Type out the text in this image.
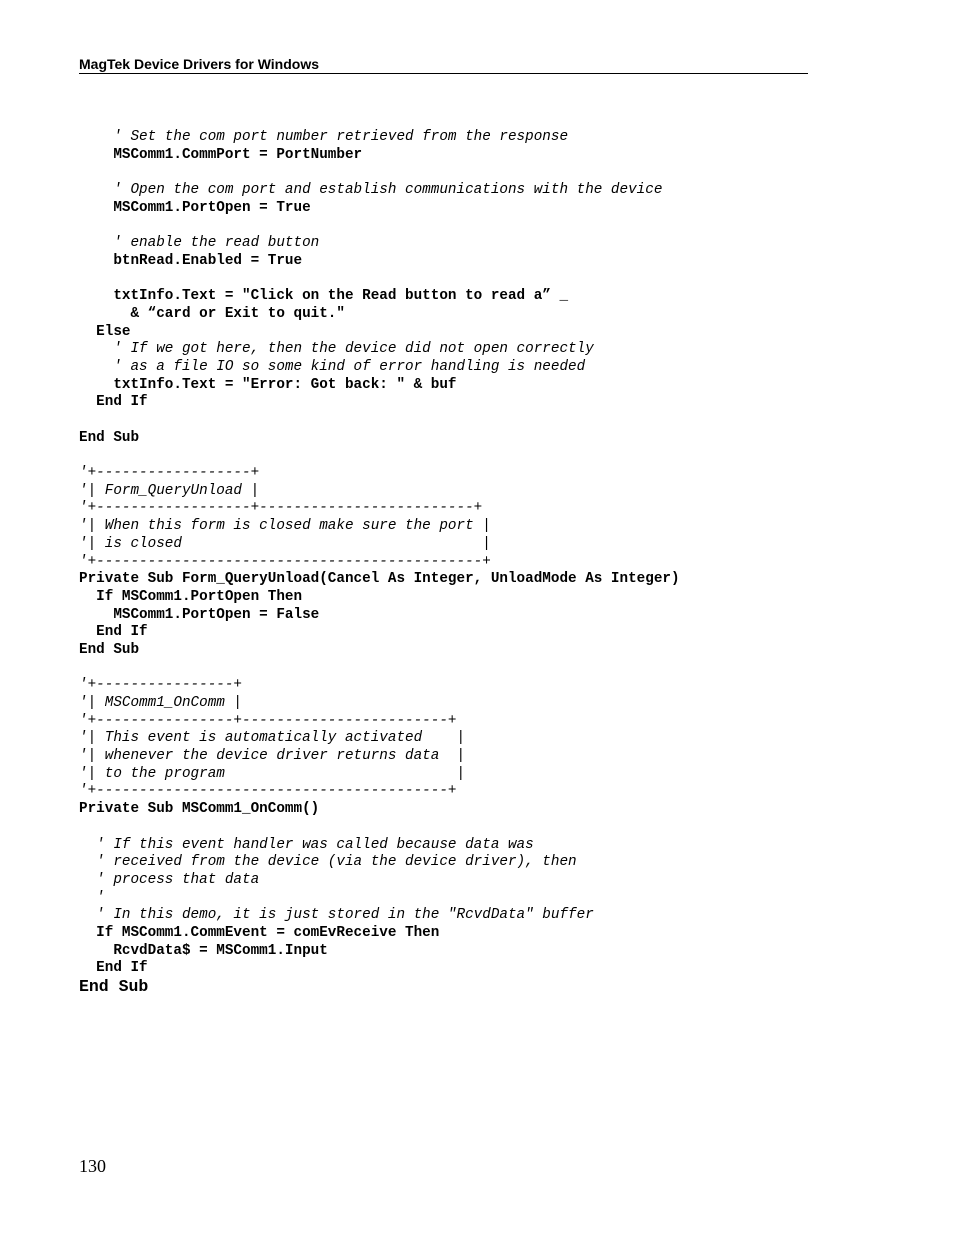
MagTek Device Drivers for Windows
' Set the com port number retrieved from the response
MSComm1.CommPort = PortNumber
' Open the com port and establish communications with the device
MSComm1.PortOpen = True
' enable the read button
btnRead.Enabled = True
txtInfo.Text = "Click on the Read button to read a” _
& “card or Exit to quit."
Else
' If we got here, then the device did not open correctly
' as a file IO so some kind of error handling is needed
txtInfo.Text = "Error: Got back: " & buf
End If
End Sub
'+------------------+
'| Form_QueryUnload |
'+------------------+-------------------------+
'| When this form is closed make sure the port |
'| is closed                                   |
'+---------------------------------------------+
Private Sub Form_QueryUnload(Cancel As Integer, UnloadMode As Integer)
If MSComm1.PortOpen Then
MSComm1.PortOpen = False
End If
End Sub
'+----------------+
'| MSComm1_OnComm |
'+----------------+------------------------+
'| This event is automatically activated    |
'| whenever the device driver returns data  |
'| to the program                           |
'+-----------------------------------------+
Private Sub MSComm1_OnComm()
' If this event handler was called because data was
' received from the device (via the device driver), then
' process that data
'
' In this demo, it is just stored in the "RcvdData" buffer
If MSComm1.CommEvent = comEvReceive Then
RcvdData$ = MSComm1.Input
End If
End Sub
130
